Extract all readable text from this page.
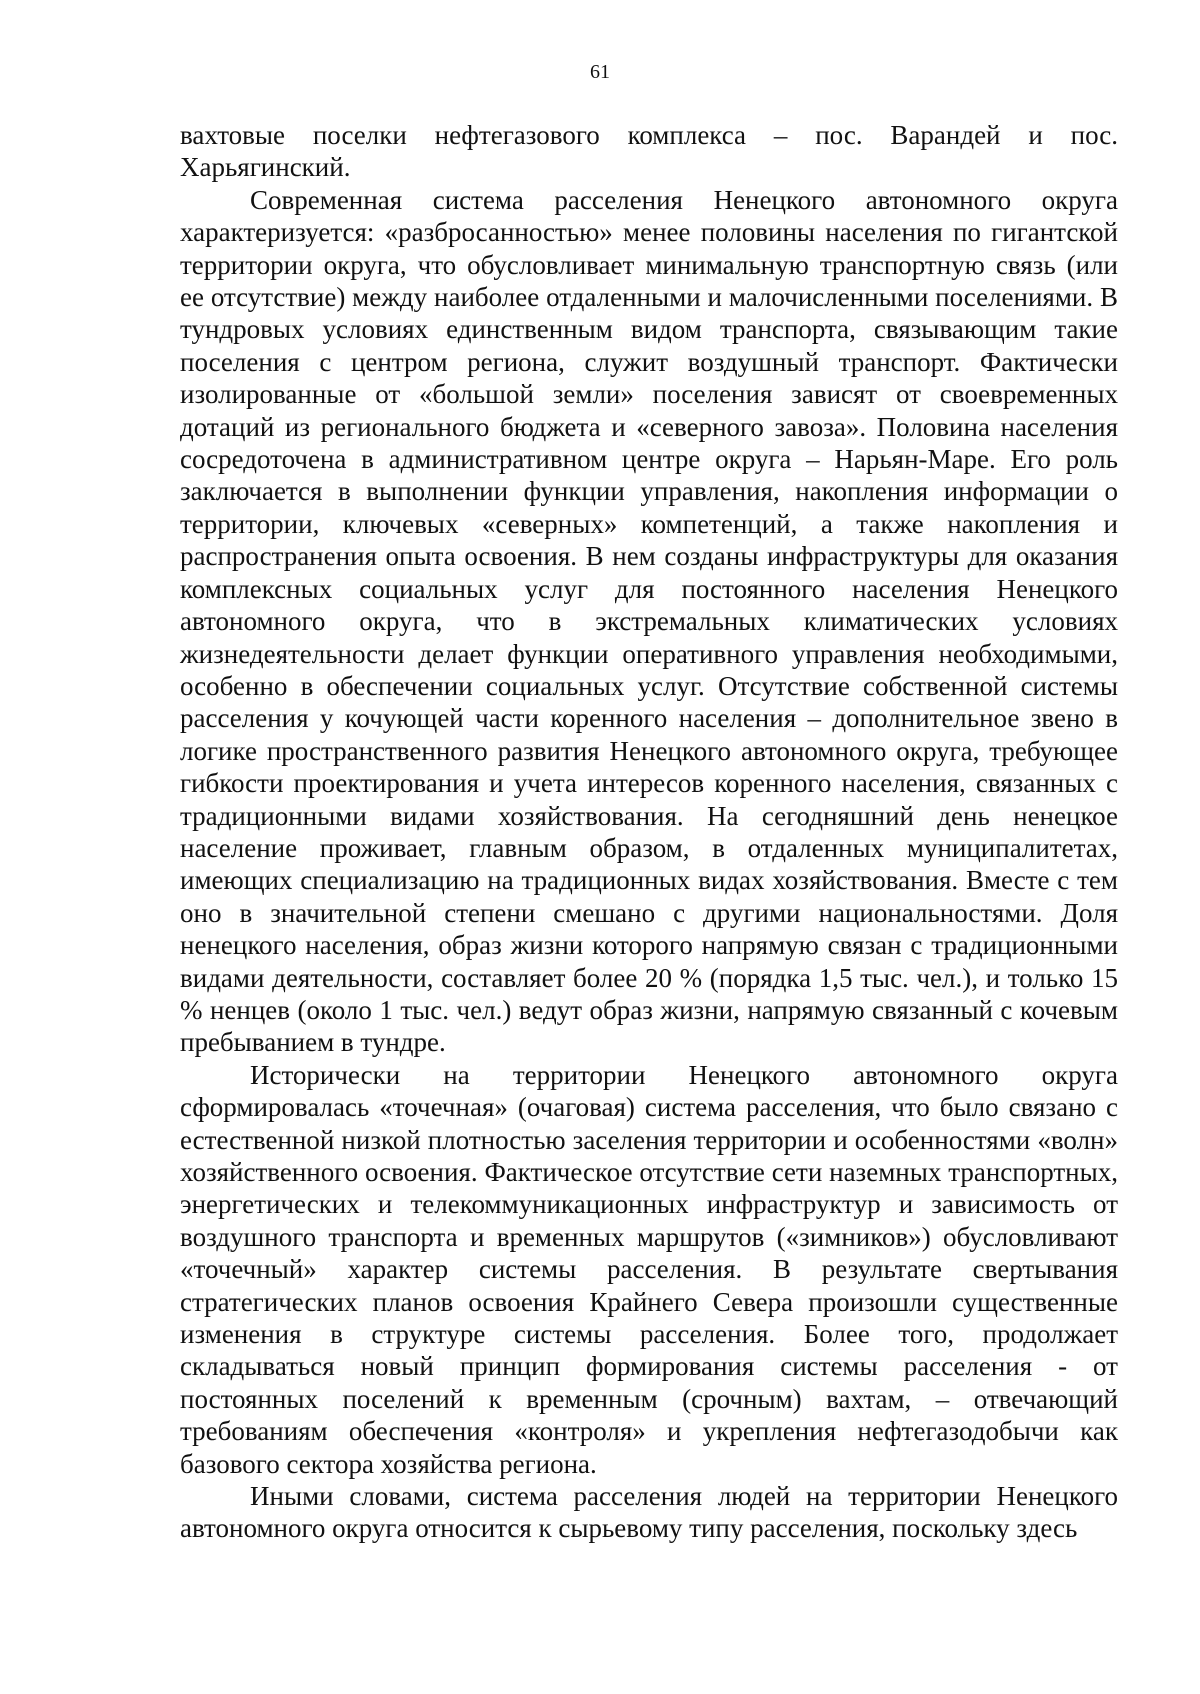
61

вахтовые поселки нефтегазового комплекса – пос. Варандей и пос. Харьягинский.

Современная система расселения Ненецкого автономного округа характеризуется: «разбросанностью» менее половины населения по гигантской территории округа, что обусловливает минимальную транспортную связь (или ее отсутствие) между наиболее отдаленными и малочисленными поселениями. В тундровых условиях единственным видом транспорта, связывающим такие поселения с центром региона, служит воздушный транспорт. Фактически изолированные от «большой земли» поселения зависят от своевременных дотаций из регионального бюджета и «северного завоза». Половина населения сосредоточена в административном центре округа – Нарьян-Маре. Его роль заключается в выполнении функции управления, накопления информации о территории, ключевых «северных» компетенций, а также накопления и распространения опыта освоения. В нем созданы инфраструктуры для оказания комплексных социальных услуг для постоянного населения Ненецкого автономного округа, что в экстремальных климатических условиях жизнедеятельности делает функции оперативного управления необходимыми, особенно в обеспечении социальных услуг. Отсутствие собственной системы расселения у кочующей части коренного населения – дополнительное звено в логике пространственного развития Ненецкого автономного округа, требующее гибкости проектирования и учета интересов коренного населения, связанных с традиционными видами хозяйствования. На сегодняшний день ненецкое население проживает, главным образом, в отдаленных муниципалитетах, имеющих специализацию на традиционных видах хозяйствования. Вместе с тем оно в значительной степени смешано с другими национальностями. Доля ненецкого населения, образ жизни которого напрямую связан с традиционными видами деятельности, составляет более 20 % (порядка 1,5 тыс. чел.), и только 15 % ненцев (около 1 тыс. чел.) ведут образ жизни, напрямую связанный с кочевым пребыванием в тундре.

Исторически на территории Ненецкого автономного округа сформировалась «точечная» (очаговая) система расселения, что было связано с естественной низкой плотностью заселения территории и особенностями «волн» хозяйственного освоения. Фактическое отсутствие сети наземных транспортных, энергетических и телекоммуникационных инфраструктур и зависимость от воздушного транспорта и временных маршрутов («зимников») обусловливают «точечный» характер системы расселения. В результате свертывания стратегических планов освоения Крайнего Севера произошли существенные изменения в структуре системы расселения. Более того, продолжает складываться новый принцип формирования системы расселения - от постоянных поселений к временным (срочным) вахтам, – отвечающий требованиям обеспечения «контроля» и укрепления нефтегазодобычи как базового сектора хозяйства региона.

Иными словами, система расселения людей на территории Ненецкого автономного округа относится к сырьевому типу расселения, поскольку здесь
